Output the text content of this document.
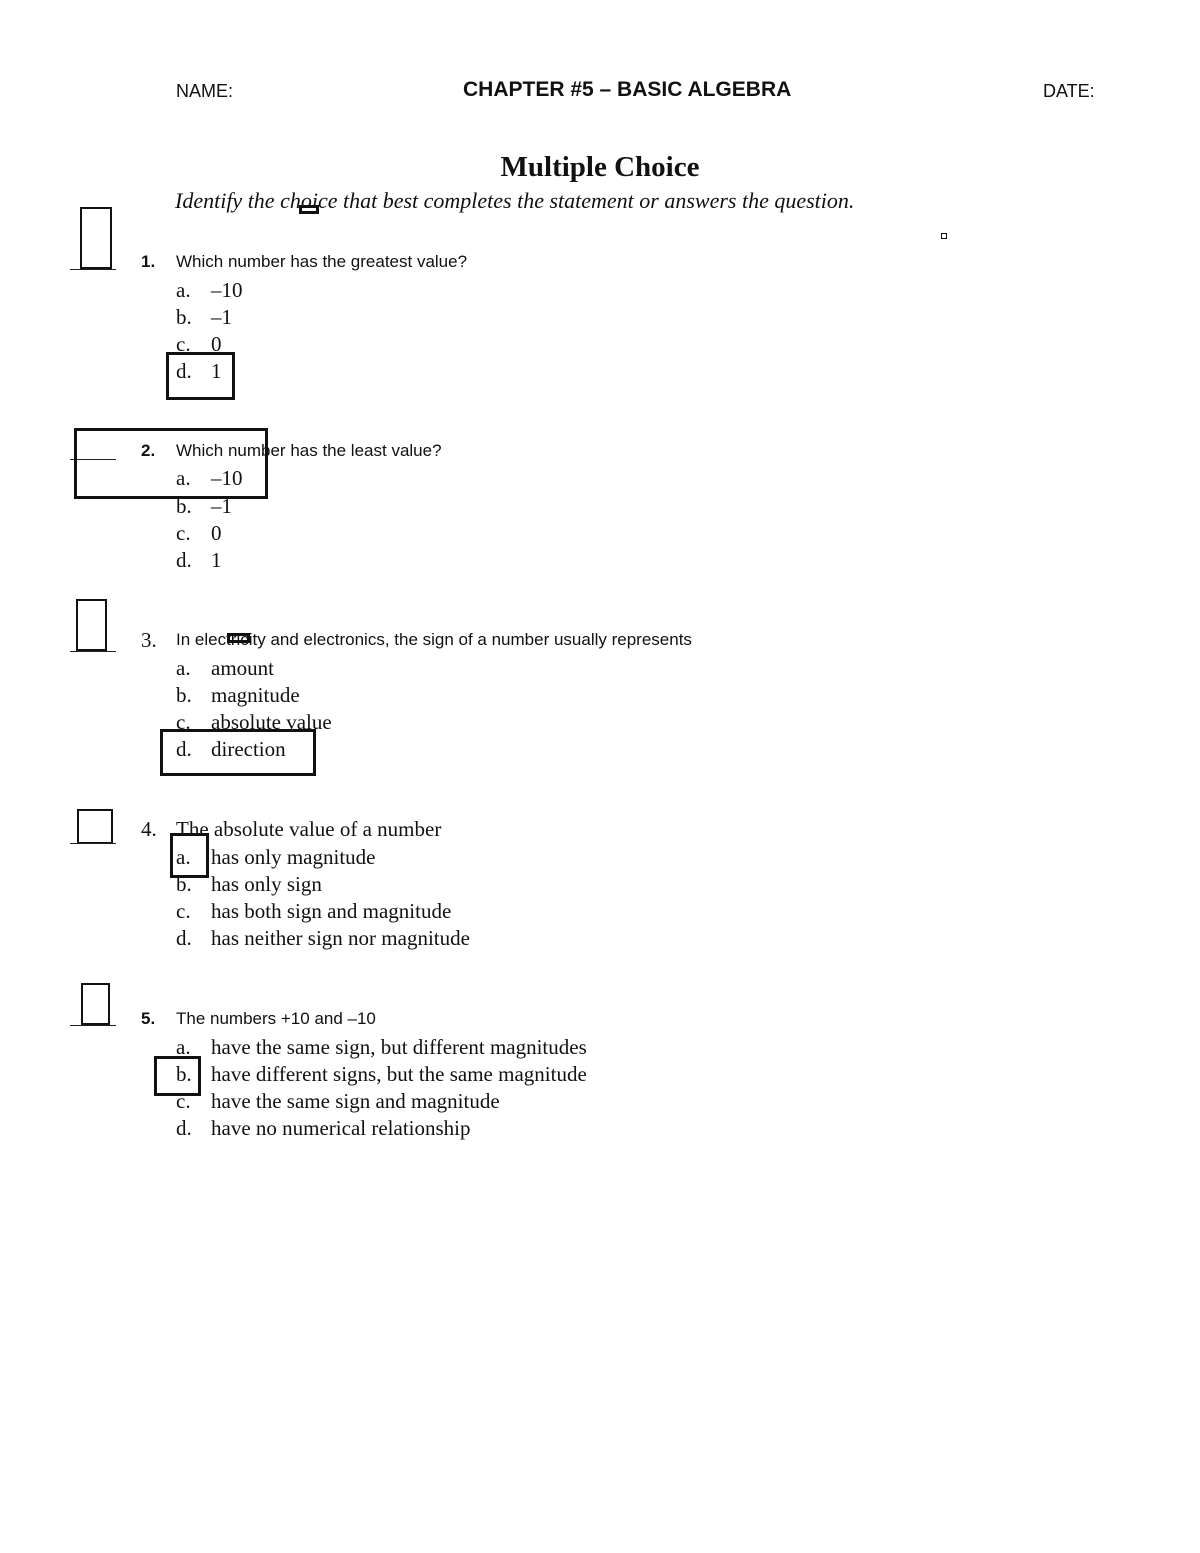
NAME:	CHAPTER #5 – BASIC ALGEBRA	DATE:
Multiple Choice
Identify the choice that best completes the statement or answers the question.
1.	Which number has the greatest value?
a. –10
b. –1
c. 0
d. 1
2.	Which number has the least value?
a. –10
b. –1
c. 0
d. 1
3.	In electricity and electronics, the sign of a number usually represents
a. amount
b. magnitude
c. absolute value
d. direction
4. The absolute value of a number
a. has only magnitude
b. has only sign
c. has both sign and magnitude
d. has neither sign nor magnitude
5.	The numbers +10 and –10
a. have the same sign, but different magnitudes
b. have different signs, but the same magnitude
c. have the same sign and magnitude
d. have no numerical relationship
